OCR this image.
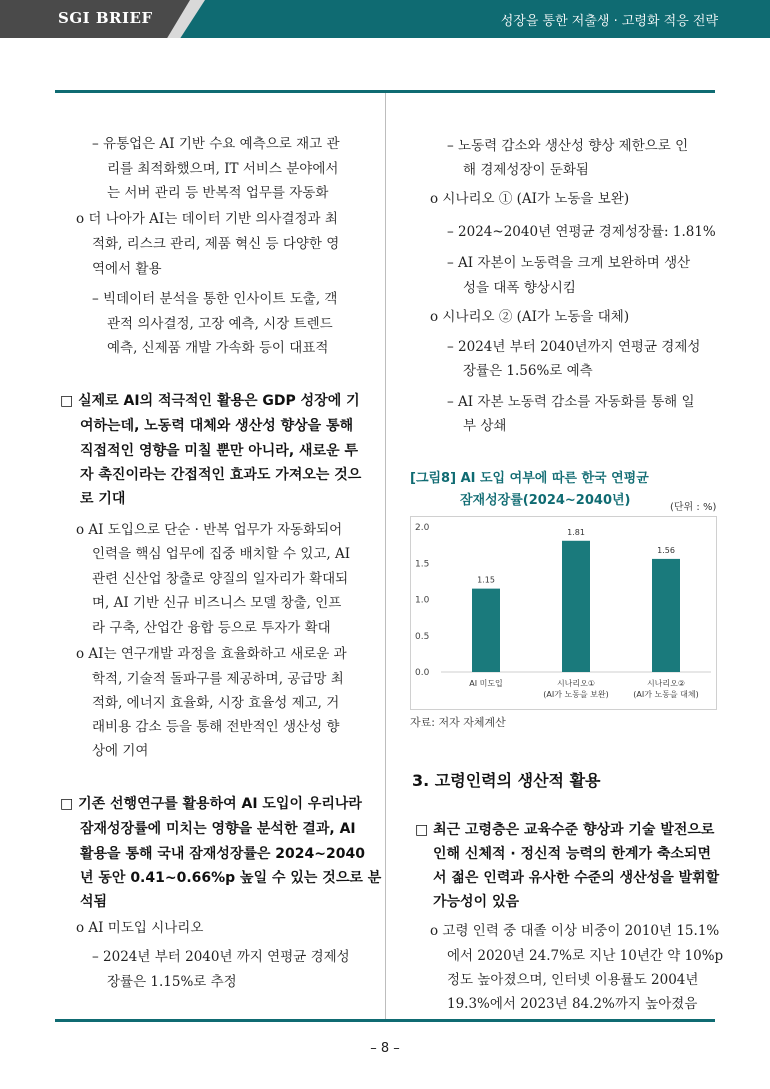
SGI BRIEF	성장을 통한 저출생 · 고령화 적응 전략
– 유통업은 AI 기반 수요 예측으로 재고 관
리를 최적화했으며, IT 서비스 분야에서
는 서버 관리 등 반복적 업무를 자동화
o 더 나아가 AI는 데이터 기반 의사결정과 최
적화, 리스크 관리, 제품 혁신 등 다양한 영
역에서 활용
– 빅데이터 분석을 통한 인사이트 도출, 객
관적 의사결정, 고장 예측, 시장 트렌드
예측, 신제품 개발 가속화 등이 대표적
□ 실제로 AI의 적극적인 활용은 GDP 성장에 기
여하는데, 노동력 대체와 생산성 향상을 통해
직접적인 영향을 미칠 뿐만 아니라, 새로운 투
자 촉진이라는 간접적인 효과도 가져오는 것으
로 기대
o AI 도입으로 단순 · 반복 업무가 자동화되어
인력을 핵심 업무에 집중 배치할 수 있고, AI
관련 신산업 창출로 양질의 일자리가 확대되
며, AI 기반 신규 비즈니스 모델 창출, 인프
라 구축, 산업간 융합 등으로 투자가 확대
o AI는 연구개발 과정을 효율화하고 새로운 과
학적, 기술적 돌파구를 제공하며, 공급망 최
적화, 에너지 효율화, 시장 효율성 제고, 거
래비용 감소 등을 통해 전반적인 생산성 향
상에 기여
□ 기존 선행연구를 활용하여 AI 도입이 우리나라
잠재성장률에 미치는 영향을 분석한 결과, AI
활용을 통해 국내 잠재성장률은 2024~2040
년 동안 0.41~0.66%p 높일 수 있는 것으로 분
석됨
o AI 미도입 시나리오
– 2024년 부터 2040년 까지 연평균 경제성
장률은 1.15%로 추정
– 노동력 감소와 생산성 향상 제한으로 인
해 경제성장이 둔화됨
o 시나리오 ① (AI가 노동을 보완)
– 2024~2040년 연평균 경제성장률: 1.81%
– AI 자본이 노동력을 크게 보완하며 생산
성을 대폭 향상시킴
o 시나리오 ② (AI가 노동을 대체)
– 2024년 부터 2040년까지 연평균 경제성
장률은 1.56%로 예측
– AI 자본 노동력 감소를 자동화를 통해 일
부 상쇄
[그림8] AI 도입 여부에 따른 한국 연평균
잠재성장률(2024~2040년)	(단위 : %)
0.0
0.5
1.0
1.5
2.0
1.15
AI 미도입
1.81
시나리오①
(AI가 노동을 보완)
1.56
시나리오②
(AI가 노동을 대체)
자료: 저자 자체계산
3. 고령인력의 생산적 활용
□ 최근 고령층은 교육수준 향상과 기술 발전으로
인해 신체적 · 정신적 능력의 한계가 축소되면
서 젊은 인력과 유사한 수준의 생산성을 발휘할
가능성이 있음
o 고령 인력 중 대졸 이상 비중이 2010년 15.1%
에서 2020년 24.7%로 지난 10년간 약 10%p
정도 높아졌으며, 인터넷 이용률도 2004년
19.3%에서 2023년 84.2%까지 높아졌음
– 8 –
